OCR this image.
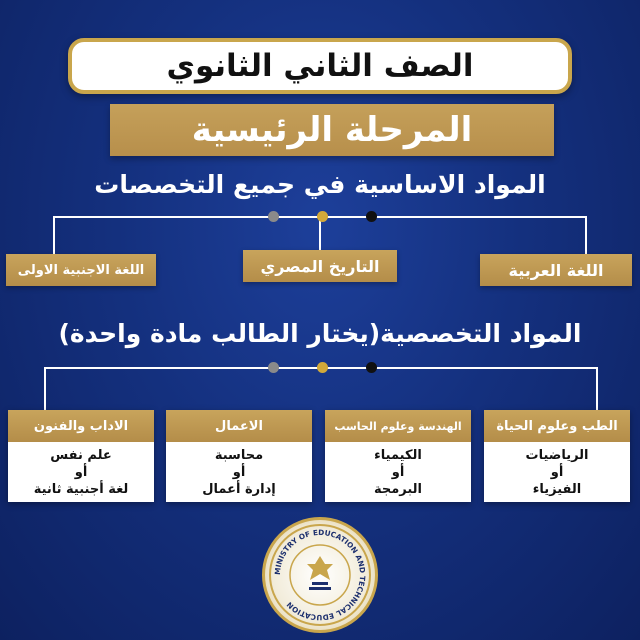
الصف الثاني الثانوي
المرحلة الرئيسية
المواد الاساسية في جميع التخصصات
اللغة العربية
التاريخ المصري
اللغة الاجنبية الاولى
المواد التخصصية(يختار الطالب مادة واحدة)
الطب وعلوم الحياة
الرياضيات
أو
الفيزياء
الهندسة وعلوم الحاسب
الكيمياء
أو
البرمجة
الاعمال
محاسبة
أو
إدارة أعمال
الاداب والفنون
علم نفس
أو
لغة أجنبية ثانية
MINISTRY OF EDUCATION AND TECHNICAL EDUCATION
